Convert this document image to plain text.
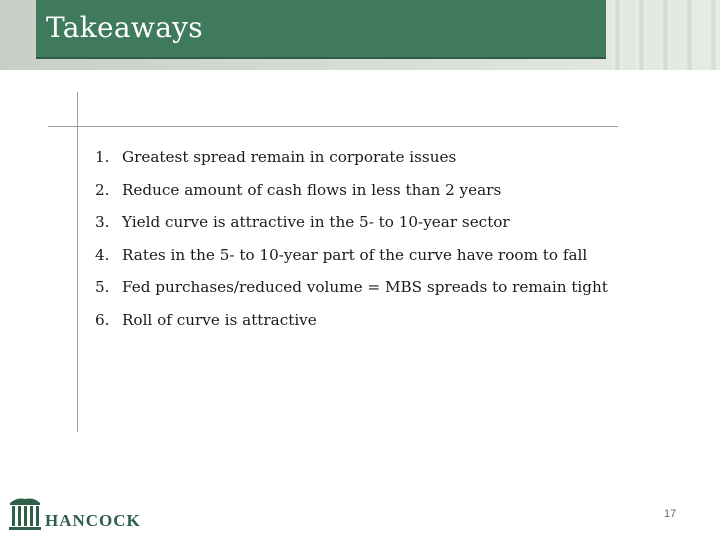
Takeaways
1. Greatest spread remain in corporate issues
2. Reduce amount of cash flows in less than 2 years
3. Yield curve is attractive in the 5- to 10-year sector
4. Rates in the 5- to 10-year part of the curve have room to fall
5. Fed purchases/reduced volume = MBS spreads to remain tight
6. Roll of curve is attractive
HANCOCK	17
